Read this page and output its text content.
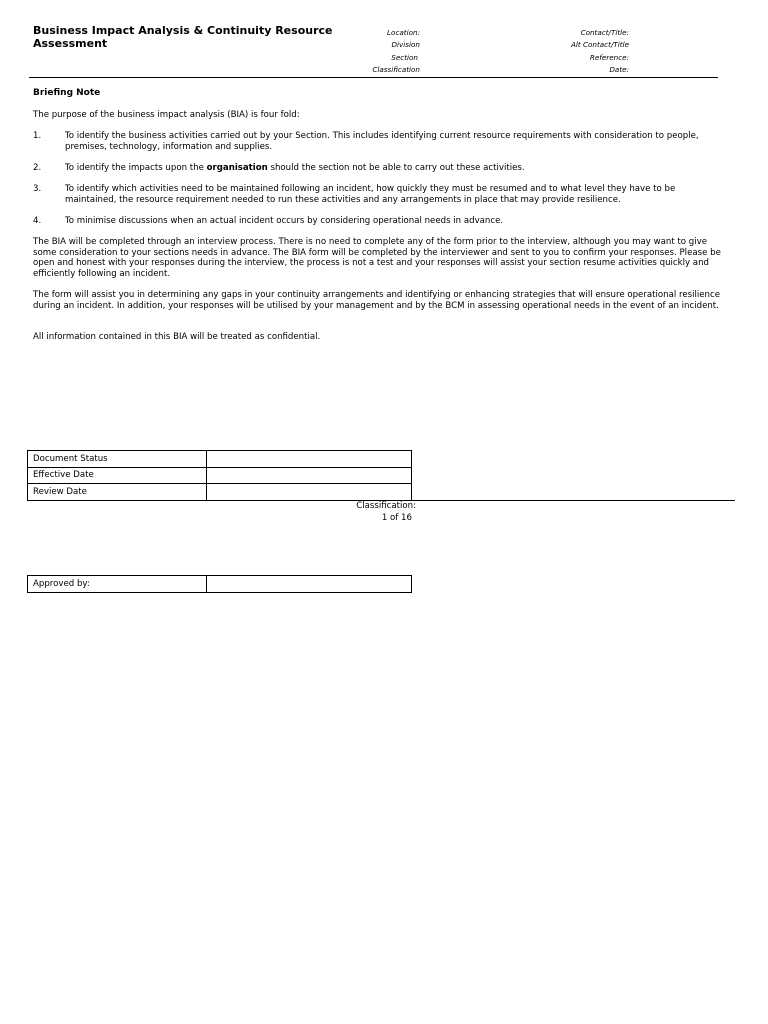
Business Impact Analysis & Continuity Resource Assessment
Location:
Division
Section
Classification
Contact/Title:
Alt Contact/Title
Reference:
Date:
Briefing Note
The purpose of the business impact analysis (BIA) is four fold:
1.	To identify the business activities carried out by your Section. This includes identifying current resource requirements with consideration to people, premises, technology, information and supplies.
2.	To identify the impacts upon the organisation should the section not be able to carry out these activities.
3.	To identify which activities need to be maintained following an incident, how quickly they must be resumed and to what level they have to be maintained, the resource requirement needed to run these activities and any arrangements in place that may provide resilience.
4.	To minimise discussions when an actual incident occurs by considering operational needs in advance.
The BIA will be completed through an interview process. There is no need to complete any of the form prior to the interview, although you may want to give some consideration to your sections needs in advance. The BIA form will be completed by the interviewer and sent to you to confirm your responses. Please be open and honest with your responses during the interview, the process is not a test and your responses will assist your section resume activities quickly and efficiently following an incident.
The form will assist you in determining any gaps in your continuity arrangements and identifying or enhancing strategies that will ensure operational resilience during an incident. In addition, your responses will be utilised by your management and by the BCM in assessing operational needs in the event of an incident.
All information contained in this BIA will be treated as confidential.
Document Status	
Effective Date	
Review Date	
Classification:
1 of 16
Approved by:	
